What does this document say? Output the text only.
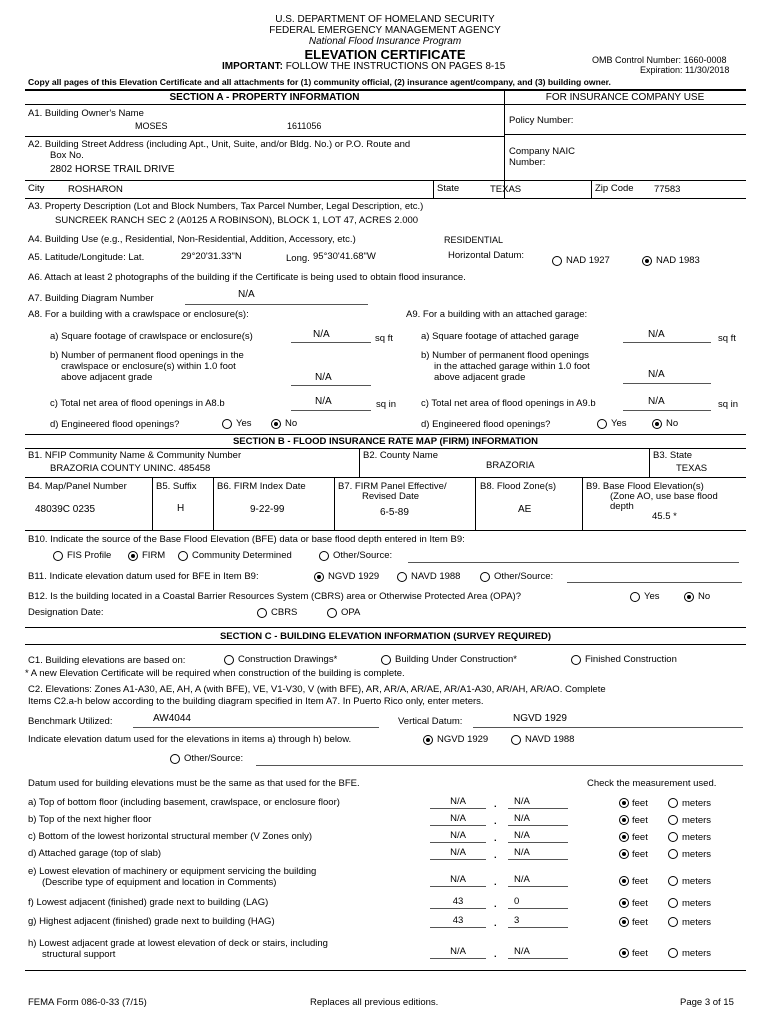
U.S. DEPARTMENT OF HOMELAND SECURITY
FEDERAL EMERGENCY MANAGEMENT AGENCY
National Flood Insurance Program
ELEVATION CERTIFICATE
IMPORTANT: FOLLOW THE INSTRUCTIONS ON PAGES 8-15
OMB Control Number: 1660-0008
Expiration: 11/30/2018
Copy all pages of this Elevation Certificate and all attachments for (1) community official, (2) insurance agent/company, and (3) building owner.
SECTION A - PROPERTY INFORMATION	FOR INSURANCE COMPANY USE
A1. Building Owner's Name
MOSES	1611056	Policy Number:
A2. Building Street Address (including Apt., Unit, Suite, and/or Bldg. No.) or P.O. Route and
Box No.
2802 HORSE TRAIL DRIVE
Company NAIC
Number:
City ROSHARON	State	TEXAS	Zip Code 77583
A3. Property Description (Lot and Block Numbers, Tax Parcel Number, Legal Description, etc.)
SUNCREEK RANCH SEC 2 (A0125 A ROBINSON), BLOCK 1, LOT 47, ACRES 2.000
A4. Building Use (e.g., Residential, Non-Residential, Addition, Accessory, etc.)	RESIDENTIAL
A5. Latitude/Longitude: Lat.	29°20'31.33"N	Long. 95°30'41.68"W	Horizontal Datum:	NAD 1927	NAD 1983
A6. Attach at least 2 photographs of the building if the Certificate is being used to obtain flood insurance.
A7. Building Diagram Number	N/A
A8. For a building with a crawlspace or enclosure(s):	A9. For a building with an attached garage:
a) Square footage of crawlspace or enclosure(s)	N/A	sq ft	a) Square footage of attached garage	N/A	sq ft
b) Number of permanent flood openings in the
crawlspace or enclosure(s) within 1.0 foot
above adjacent grade	N/A
b) Number of permanent flood openings
in the attached garage within 1.0 foot
above adjacent grade	N/A
c) Total net area of flood openings in A8.b	N/A	sq in	c) Total net area of flood openings in A9.b	N/A	sq in
d) Engineered flood openings?	Yes	No	d) Engineered flood openings?	Yes	No
SECTION B - FLOOD INSURANCE RATE MAP (FIRM) INFORMATION
B1. NFIP Community Name & Community Number
BRAZORIA COUNTY UNINC. 485458
B2. County Name
BRAZORIA
B3. State
TEXAS
B4. Map/Panel Number
48039C 0235
B5. Suffix
H
B6. FIRM Index Date
9-22-99
B7. FIRM Panel Effective/
Revised Date
6-5-89
B8. Flood Zone(s)
AE
B9. Base Flood Elevation(s)
(Zone AO, use base flood
depth
45.5 *
B10. Indicate the source of the Base Flood Elevation (BFE) data or base flood depth entered in Item B9:
FIS Profile	FIRM	Community Determined	Other/Source:
B11. Indicate elevation datum used for BFE in Item B9:	NGVD 1929	NAVD 1988	Other/Source:
B12. Is the building located in a Coastal Barrier Resources System (CBRS) area or Otherwise Protected Area (OPA)?	Yes	No
Designation Date:	CBRS	OPA
SECTION C - BUILDING ELEVATION INFORMATION (SURVEY REQUIRED)
C1. Building elevations are based on:	Construction Drawings*	Building Under Construction*	Finished Construction
* A new Elevation Certificate will be required when construction of the building is complete.
C2. Elevations: Zones A1-A30, AE, AH, A (with BFE), VE, V1-V30, V (with BFE), AR, AR/A, AR/AE, AR/A1-A30, AR/AH, AR/AO. Complete
Items C2.a-h below according to the building diagram specified in Item A7. In Puerto Rico only, enter meters.
Benchmark Utilized:	AW4044	Vertical Datum:	NGVD 1929
Indicate elevation datum used for the elevations in items a) through h) below.	NGVD 1929	NAVD 1988
Other/Source:
Datum used for building elevations must be the same as that used for the BFE.	Check the measurement used.
a) Top of bottom floor (including basement, crawlspace, or enclosure floor)	N/A	. N/A	feet	meters
b) Top of the next higher floor	N/A	. N/A	feet	meters
c) Bottom of the lowest horizontal structural member (V Zones only)	N/A	. N/A	feet	meters
d) Attached garage (top of slab)	N/A	. N/A	feet	meters
e) Lowest elevation of machinery or equipment servicing the building
(Describe type of equipment and location in Comments)	N/A	. N/A	feet	meters
f) Lowest adjacent (finished) grade next to building (LAG)	43	. 0	feet	meters
g) Highest adjacent (finished) grade next to building (HAG)	43	. 3	feet	meters
h) Lowest adjacent grade at lowest elevation of deck or stairs, including
structural support	N/A	. N/A	feet	meters
FEMA Form 086-0-33 (7/15)	Replaces all previous editions.	Page 3 of 15
